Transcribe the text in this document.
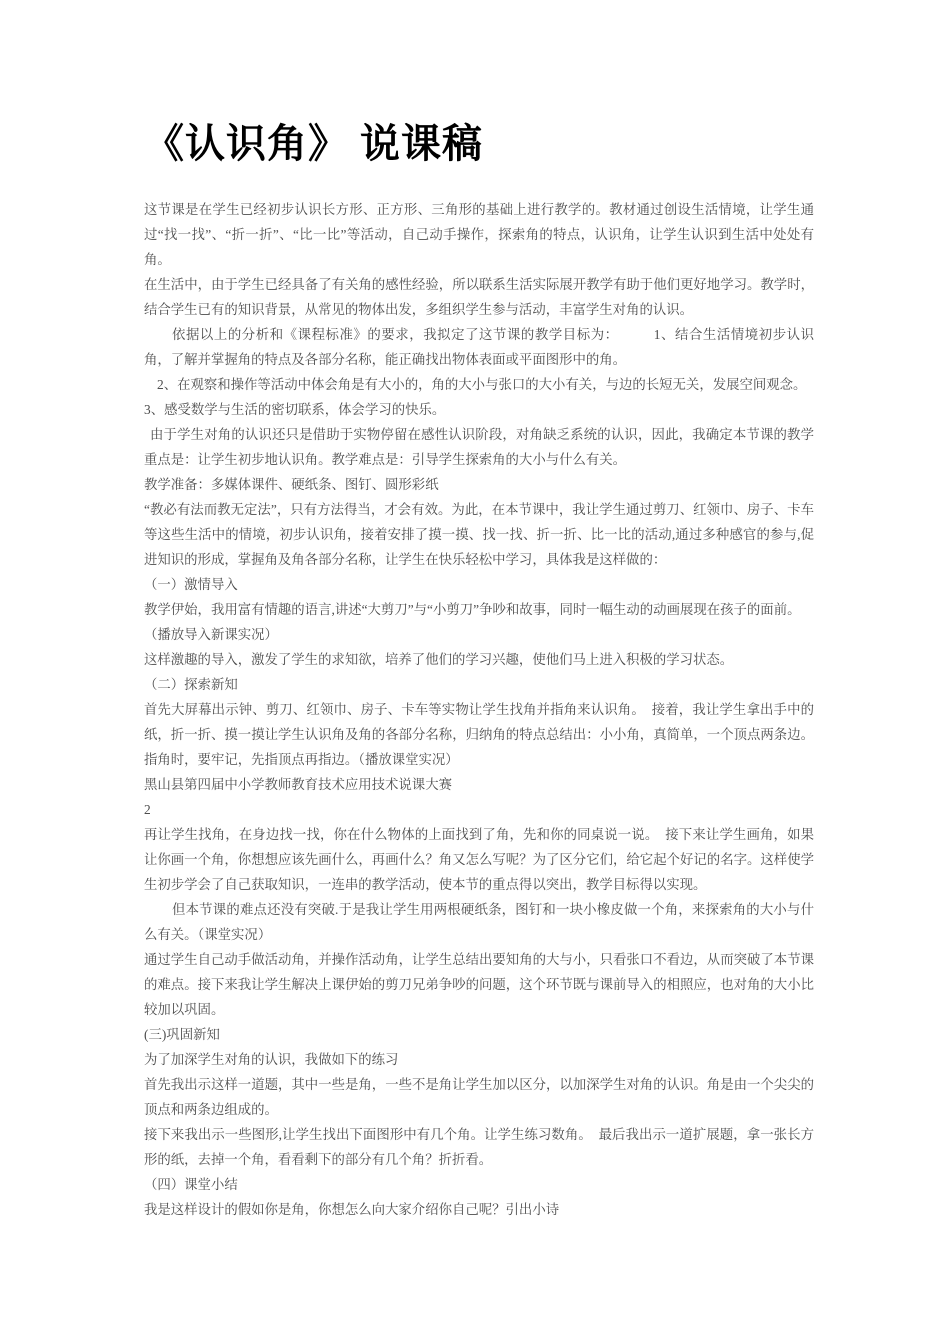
《认识角》 说课稿

这节课是在学生已经初步认识长方形、正方形、三角形的基础上进行教学的。教材通过创设生活情境，让学生通过“找一找”、“折一折”、“比一比”等活动，自己动手操作，探索角的特点，认识角，让学生认识到生活中处处有角。

在生活中，由于学生已经具备了有关角的感性经验，所以联系生活实际展开教学有助于他们更好地学习。教学时，结合学生已有的知识背景，从常见的物体出发，多组织学生参与活动，丰富学生对角的认识。

依据以上的分析和《课程标准》的要求，我拟定了这节课的教学目标为：　　　1、结合生活情境初步认识角，了解并掌握角的特点及各部分名称，能正确找出物体表面或平面图形中的角。

2、在观察和操作等活动中体会角是有大小的，角的大小与张口的大小有关，与边的长短无关，发展空间观念。

3、感受数学与生活的密切联系，体会学习的快乐。

由于学生对角的认识还只是借助于实物停留在感性认识阶段，对角缺乏系统的认识，因此，我确定本节课的教学重点是：让学生初步地认识角。教学难点是：引导学生探索角的大小与什么有关。

教学准备：多媒体课件、硬纸条、图钉、圆形彩纸

“教必有法而教无定法”，只有方法得当，才会有效。为此，在本节课中，我让学生通过剪刀、红领巾、房子、卡车等这些生活中的情境，初步认识角，接着安排了摸一摸、找一找、折一折、比一比的活动,通过多种感官的参与,促进知识的形成，掌握角及角各部分名称，让学生在快乐轻松中学习，具体我是这样做的：

（一）激情导入

教学伊始，我用富有情趣的语言,讲述“大剪刀”与“小剪刀”争吵和故事，同时一幅生动的动画展现在孩子的面前。

（播放导入新课实况）

这样激趣的导入，激发了学生的求知欲，培养了他们的学习兴趣，使他们马上进入积极的学习状态。

（二）探索新知

首先大屏幕出示钟、剪刀、红领巾、房子、卡车等实物让学生找角并指角来认识角。　接着，我让学生拿出手中的纸，折一折、摸一摸让学生认识角及角的各部分名称，归纳角的特点总结出：小小角，真简单，一个顶点两条边。指角时，要牢记，先指顶点再指边。（播放课堂实况）

黑山县第四届中小学教师教育技术应用技术说课大赛

2

再让学生找角，在身边找一找，你在什么物体的上面找到了角，先和你的同桌说一说。　接下来让学生画角，如果让你画一个角，你想想应该先画什么，再画什么？角又怎么写呢？为了区分它们，给它起个好记的名字。这样使学生初步学会了自己获取知识，一连串的教学活动，使本节的重点得以突出，教学目标得以实现。

但本节课的难点还没有突破.于是我让学生用两根硬纸条，图钉和一块小橡皮做一个角，来探索角的大小与什么有关。（课堂实况）

通过学生自己动手做活动角，并操作活动角，让学生总结出要知角的大与小，只看张口不看边，从而突破了本节课的难点。接下来我让学生解决上课伊始的剪刀兄弟争吵的问题，这个环节既与课前导入的相照应，也对角的大小比较加以巩固。

(三)巩固新知

为了加深学生对角的认识，我做如下的练习

首先我出示这样一道题，其中一些是角，一些不是角让学生加以区分，以加深学生对角的认识。角是由一个尖尖的顶点和两条边组成的。

接下来我出示一些图形,让学生找出下面图形中有几个角。让学生练习数角。　最后我出示一道扩展题，拿一张长方形的纸，去掉一个角，看看剩下的部分有几个角？折折看。

（四）课堂小结

我是这样设计的假如你是角，你想怎么向大家介绍你自己呢？引出小诗
